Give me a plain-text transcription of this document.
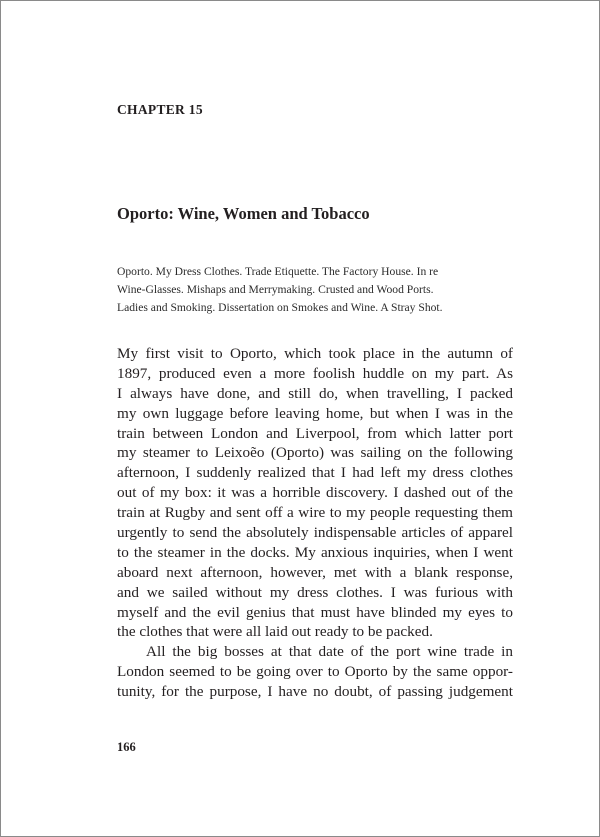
CHAPTER 15
Oporto: Wine, Women and Tobacco
Oporto. My Dress Clothes. Trade Etiquette. The Factory House. In re
Wine-Glasses. Mishaps and Merrymaking. Crusted and Wood Ports.
Ladies and Smoking. Dissertation on Smokes and Wine. A Stray Shot.
My first visit to Oporto, which took place in the autumn of
1897, produced even a more foolish huddle on my part. As
I always have done, and still do, when travelling, I packed
my own luggage before leaving home, but when I was in the
train between London and Liverpool, from which latter port
my steamer to Leixoẽo (Oporto) was sailing on the following
afternoon, I suddenly realized that I had left my dress clothes
out of my box: it was a horrible discovery. I dashed out of the
train at Rugby and sent off a wire to my people requesting them
urgently to send the absolutely indispensable articles of apparel
to the steamer in the docks. My anxious inquiries, when I went
aboard next afternoon, however, met with a blank response,
and we sailed without my dress clothes. I was furious with
myself and the evil genius that must have blinded my eyes to
the clothes that were all laid out ready to be packed.
All the big bosses at that date of the port wine trade in
London seemed to be going over to Oporto by the same oppor-
tunity, for the purpose, I have no doubt, of passing judgement
166
